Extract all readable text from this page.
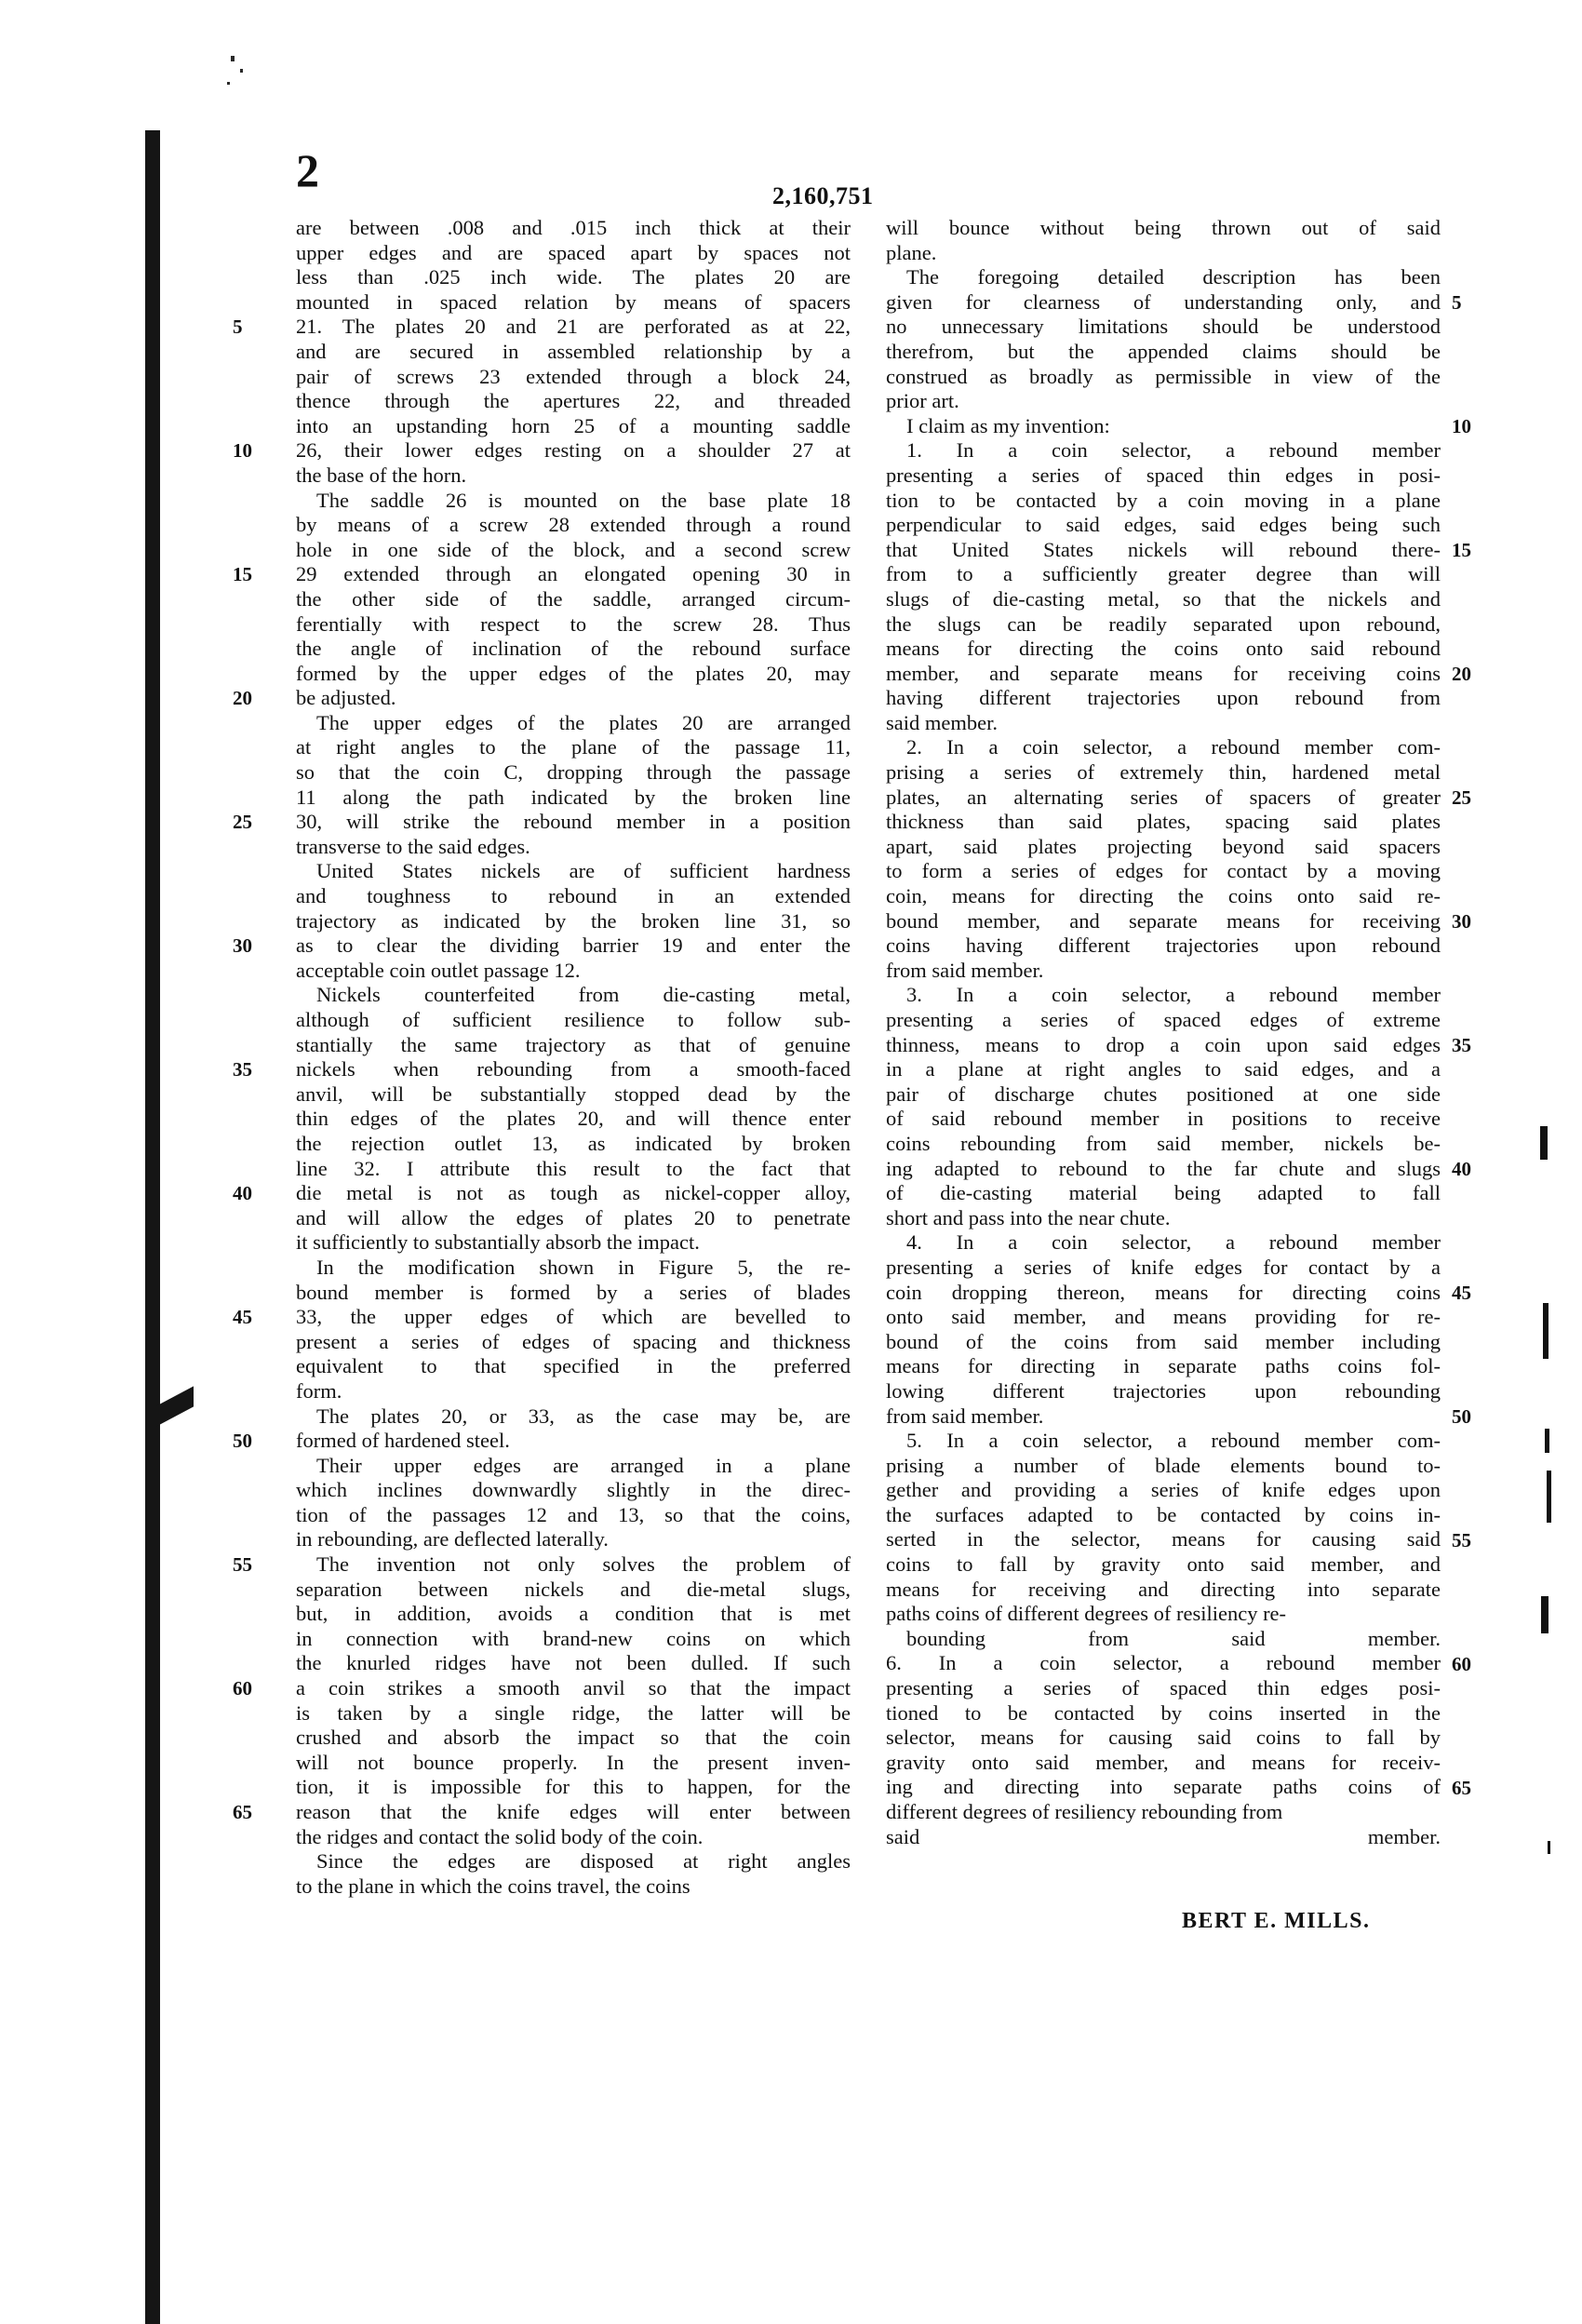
2	2,160,751
are between .008 and .015 inch thick at their
upper edges and are spaced apart by spaces not
less than .025 inch wide. The plates 20 are
mounted in spaced relation by means of spacers
21. The plates 20 and 21 are perforated as at 22,
and are secured in assembled relationship by a
pair of screws 23 extended through a block 24,
thence through the apertures 22, and threaded
into an upstanding horn 25 of a mounting saddle
26, their lower edges resting on a shoulder 27 at
the base of the horn.
The saddle 26 is mounted on the base plate 18
by means of a screw 28 extended through a round
hole in one side of the block, and a second screw
29 extended through an elongated opening 30 in
the other side of the saddle, arranged circum-
ferentially with respect to the screw 28. Thus
the angle of inclination of the rebound surface
formed by the upper edges of the plates 20, may
be adjusted.
The upper edges of the plates 20 are arranged
at right angles to the plane of the passage 11,
so that the coin C, dropping through the passage
11 along the path indicated by the broken line
30, will strike the rebound member in a position
transverse to the said edges.
United States nickels are of sufficient hardness
and toughness to rebound in an extended
trajectory as indicated by the broken line 31, so
as to clear the dividing barrier 19 and enter the
acceptable coin outlet passage 12.
Nickels counterfeited from die-casting metal,
although of sufficient resilience to follow sub-
stantially the same trajectory as that of genuine
nickels when rebounding from a smooth-faced
anvil, will be substantially stopped dead by the
thin edges of the plates 20, and will thence enter
the rejection outlet 13, as indicated by broken
line 32. I attribute this result to the fact that
die metal is not as tough as nickel-copper alloy,
and will allow the edges of plates 20 to penetrate
it sufficiently to substantially absorb the impact.
In the modification shown in Figure 5, the re-
bound member is formed by a series of blades
33, the upper edges of which are bevelled to
present a series of edges of spacing and thickness
equivalent to that specified in the preferred
form.
The plates 20, or 33, as the case may be, are
formed of hardened steel.
Their upper edges are arranged in a plane
which inclines downwardly slightly in the direc-
tion of the passages 12 and 13, so that the coins,
in rebounding, are deflected laterally.
The invention not only solves the problem of
separation between nickels and die-metal slugs,
but, in addition, avoids a condition that is met
in connection with brand-new coins on which
the knurled ridges have not been dulled. If such
a coin strikes a smooth anvil so that the impact
is taken by a single ridge, the latter will be
crushed and absorb the impact so that the coin
will not bounce properly. In the present inven-
tion, it is impossible for this to happen, for the
reason that the knife edges will enter between
the ridges and contact the solid body of the coin.
Since the edges are disposed at right angles
to the plane in which the coins travel, the coins
will bounce without being thrown out of said
plane.
The foregoing detailed description has been
given for clearness of understanding only, and
no unnecessary limitations should be understood
therefrom, but the appended claims should be
construed as broadly as permissible in view of the
prior art.
I claim as my invention:
1. In a coin selector, a rebound member
presenting a series of spaced thin edges in posi-
tion to be contacted by a coin moving in a plane
perpendicular to said edges, said edges being such
that United States nickels will rebound there-
from to a sufficiently greater degree than will
slugs of die-casting metal, so that the nickels and
the slugs can be readily separated upon rebound,
means for directing the coins onto said rebound
member, and separate means for receiving coins
having different trajectories upon rebound from
said member.
2. In a coin selector, a rebound member com-
prising a series of extremely thin, hardened metal
plates, an alternating series of spacers of greater
thickness than said plates, spacing said plates
apart, said plates projecting beyond said spacers
to form a series of edges for contact by a moving
coin, means for directing the coins onto said re-
bound member, and separate means for receiving
coins having different trajectories upon rebound
from said member.
3. In a coin selector, a rebound member
presenting a series of spaced edges of extreme
thinness, means to drop a coin upon said edges
in a plane at right angles to said edges, and a
pair of discharge chutes positioned at one side
of said rebound member in positions to receive
coins rebounding from said member, nickels be-
ing adapted to rebound to the far chute and slugs
of die-casting material being adapted to fall
short and pass into the near chute.
4. In a coin selector, a rebound member
presenting a series of knife edges for contact by a
coin dropping thereon, means for directing coins
onto said member, and means providing for re-
bound of the coins from said member including
means for directing in separate paths coins fol-
lowing different trajectories upon rebounding
from said member.
5. In a coin selector, a rebound member com-
prising a number of blade elements bound to-
gether and providing a series of knife edges upon
the surfaces adapted to be contacted by coins in-
serted in the selector, means for causing said
coins to fall by gravity onto said member, and
means for receiving and directing into separate
paths coins of different degrees of resiliency re-
bounding from said member.
6. In a coin selector, a rebound member
presenting a series of spaced thin edges posi-
tioned to be contacted by coins inserted in the
selector, means for causing said coins to fall by
gravity onto said member, and means for receiv-
ing and directing into separate paths coins of
different degrees of resiliency rebounding from
said member.
5
10
15
20
25
30
35
40
45
50
55
60
65
5
10
15
20
25
30
35
40
45
50
55
60
65
BERT E. MILLS.
